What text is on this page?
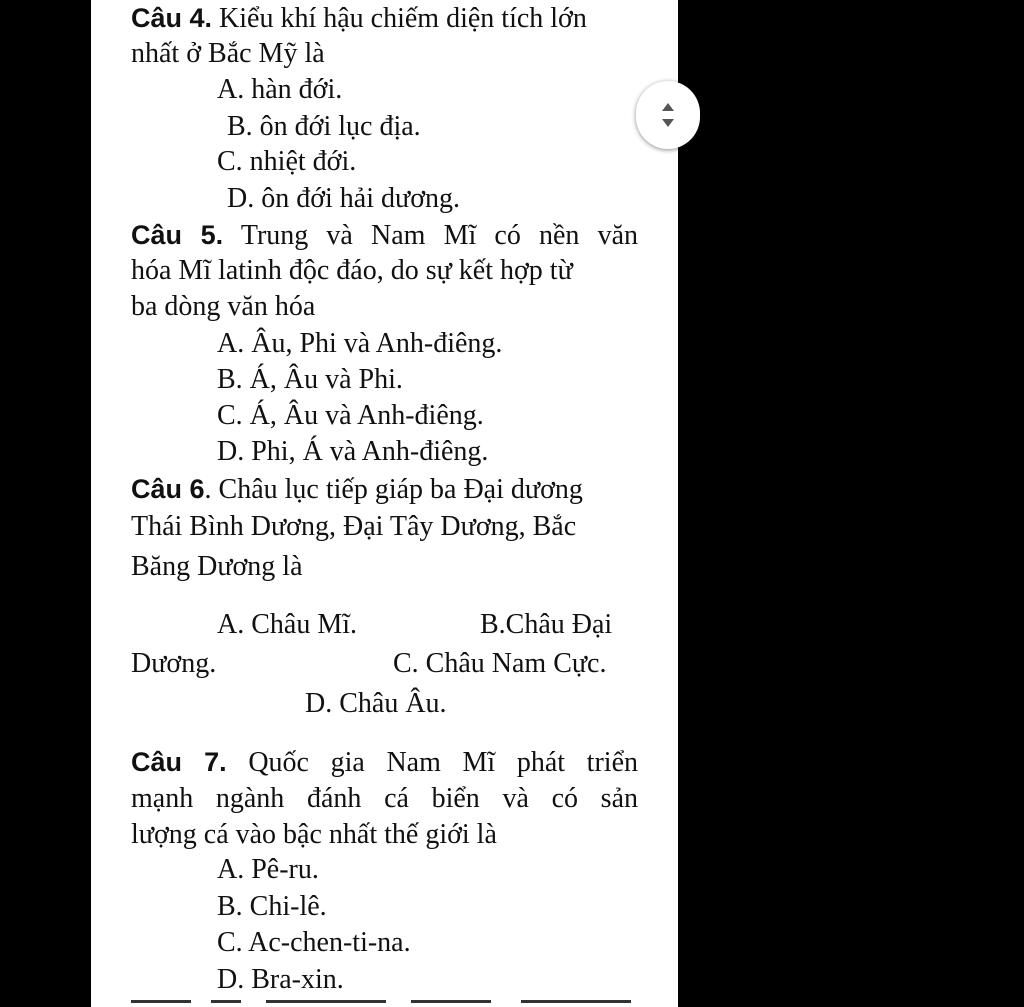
Câu 4. Kiểu khí hậu chiếm diện tích lớn
nhất ở Bắc Mỹ là
A. hàn đới.
B. ôn đới lục địa.
C. nhiệt đới.
D. ôn đới hải dương.
Câu 5. Trung và Nam Mĩ có nền văn
hóa Mĩ latinh độc đáo, do sự kết hợp từ
ba dòng văn hóa
A. Âu, Phi và Anh-điêng.
B. Á, Âu và Phi.
C. Á, Âu và Anh-điêng.
D. Phi, Á và Anh-điêng.
Câu 6. Châu lục tiếp giáp ba Đại dương
Thái Bình Dương, Đại Tây Dương, Bắc
Băng Dương là
A. Châu Mĩ.	B.Châu Đại
Dương.	C. Châu Nam Cực.
D. Châu Âu.
Câu 7. Quốc gia Nam Mĩ phát triển
mạnh ngành đánh cá biển và có sản
lượng cá vào bậc nhất thế giới là
A. Pê-ru.
B. Chi-lê.
C. Ac-chen-ti-na.
D. Bra-xin.
